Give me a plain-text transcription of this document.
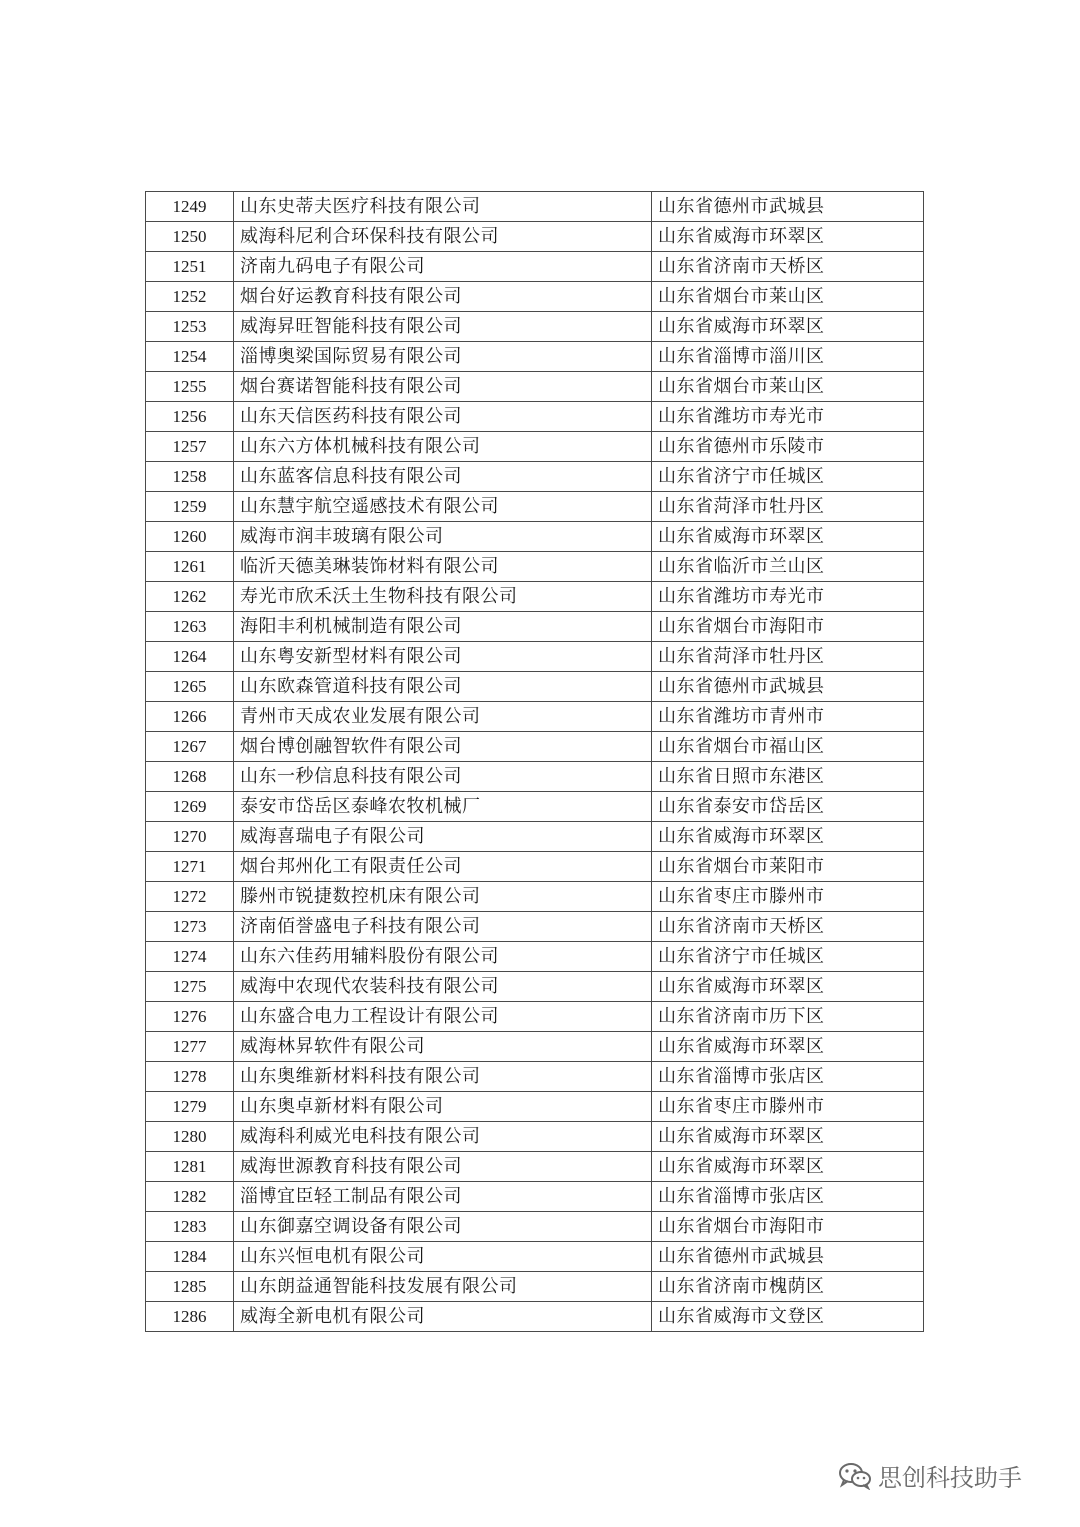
1249	山东史蒂夫医疗科技有限公司	山东省德州市武城县
1250	威海科尼利合环保科技有限公司	山东省威海市环翠区
1251	济南九码电子有限公司	山东省济南市天桥区
1252	烟台好运教育科技有限公司	山东省烟台市莱山区
1253	威海昇旺智能科技有限公司	山东省威海市环翠区
1254	淄博奥梁国际贸易有限公司	山东省淄博市淄川区
1255	烟台赛诺智能科技有限公司	山东省烟台市莱山区
1256	山东天信医药科技有限公司	山东省潍坊市寿光市
1257	山东六方体机械科技有限公司	山东省德州市乐陵市
1258	山东蓝客信息科技有限公司	山东省济宁市任城区
1259	山东慧宇航空遥感技术有限公司	山东省菏泽市牡丹区
1260	威海市润丰玻璃有限公司	山东省威海市环翠区
1261	临沂天德美琳装饰材料有限公司	山东省临沂市兰山区
1262	寿光市欣禾沃土生物科技有限公司	山东省潍坊市寿光市
1263	海阳丰利机械制造有限公司	山东省烟台市海阳市
1264	山东粤安新型材料有限公司	山东省菏泽市牡丹区
1265	山东欧森管道科技有限公司	山东省德州市武城县
1266	青州市天成农业发展有限公司	山东省潍坊市青州市
1267	烟台博创融智软件有限公司	山东省烟台市福山区
1268	山东一秒信息科技有限公司	山东省日照市东港区
1269	泰安市岱岳区泰峰农牧机械厂	山东省泰安市岱岳区
1270	威海喜瑞电子有限公司	山东省威海市环翠区
1271	烟台邦州化工有限责任公司	山东省烟台市莱阳市
1272	滕州市锐捷数控机床有限公司	山东省枣庄市滕州市
1273	济南佰誉盛电子科技有限公司	山东省济南市天桥区
1274	山东六佳药用辅料股份有限公司	山东省济宁市任城区
1275	威海中农现代农装科技有限公司	山东省威海市环翠区
1276	山东盛合电力工程设计有限公司	山东省济南市历下区
1277	威海林昇软件有限公司	山东省威海市环翠区
1278	山东奥维新材料科技有限公司	山东省淄博市张店区
1279	山东奥卓新材料有限公司	山东省枣庄市滕州市
1280	威海科利威光电科技有限公司	山东省威海市环翠区
1281	威海世源教育科技有限公司	山东省威海市环翠区
1282	淄博宜臣轻工制品有限公司	山东省淄博市张店区
1283	山东御嘉空调设备有限公司	山东省烟台市海阳市
1284	山东兴恒电机有限公司	山东省德州市武城县
1285	山东朗益通智能科技发展有限公司	山东省济南市槐荫区
1286	威海全新电机有限公司	山东省威海市文登区
思创科技助手
